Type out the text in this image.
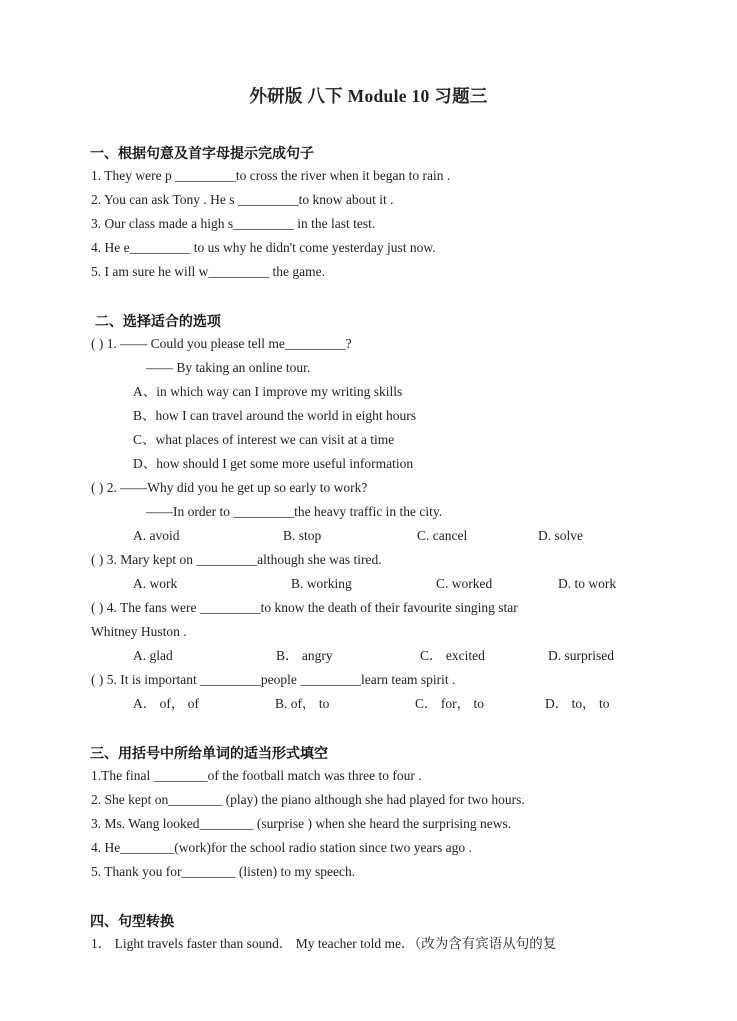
外研版 八下 Module 10 习题三
一、根据句意及首字母提示完成句子
1. They were p _________to cross the river when it began to rain .
2. You can ask Tony . He s _________to know about it .
3. Our class made a high s_________ in the last test.
4. He e_________ to us why he didn't come yesterday just now.
5. I am sure he will w_________ the game.
二、选择适合的选项
( ) 1. —— Could you please tell me_________?
—— By taking an online tour.
A、in which way can I improve my writing skills
B、how I can travel around the world in eight hours
C、what places of interest we can visit at a time
D、how should I get some more useful information
( ) 2. ——Why did you he get up so early to work?
——In order to _________the heavy traffic in the city.
A. avoid	B. stop	C. cancel	D. solve
( ) 3. Mary kept on _________although she was tired.
A. work	B. working	C. worked	D. to work
( ) 4. The fans were _________to know the death of their favourite singing star
Whitney Huston .
A. glad	B． angry	C． excited	D. surprised
( ) 5. It is important _________people _________learn team spirit .
A． of， of	B. of， to	C． for， to	D． to， to
三、用括号中所给单词的适当形式填空
1.The final ________of the football match was three to four .
2. She kept on________ (play) the piano although she had played for two hours.
3. Ms. Wang looked________ (surprise ) when she heard the surprising news.
4. He________(work)for the school radio station since two years ago .
5. Thank you for________ (listen) to my speech.
四、句型转换
1． Light travels faster than sound． My teacher told me．（改为含有宾语从句的复
